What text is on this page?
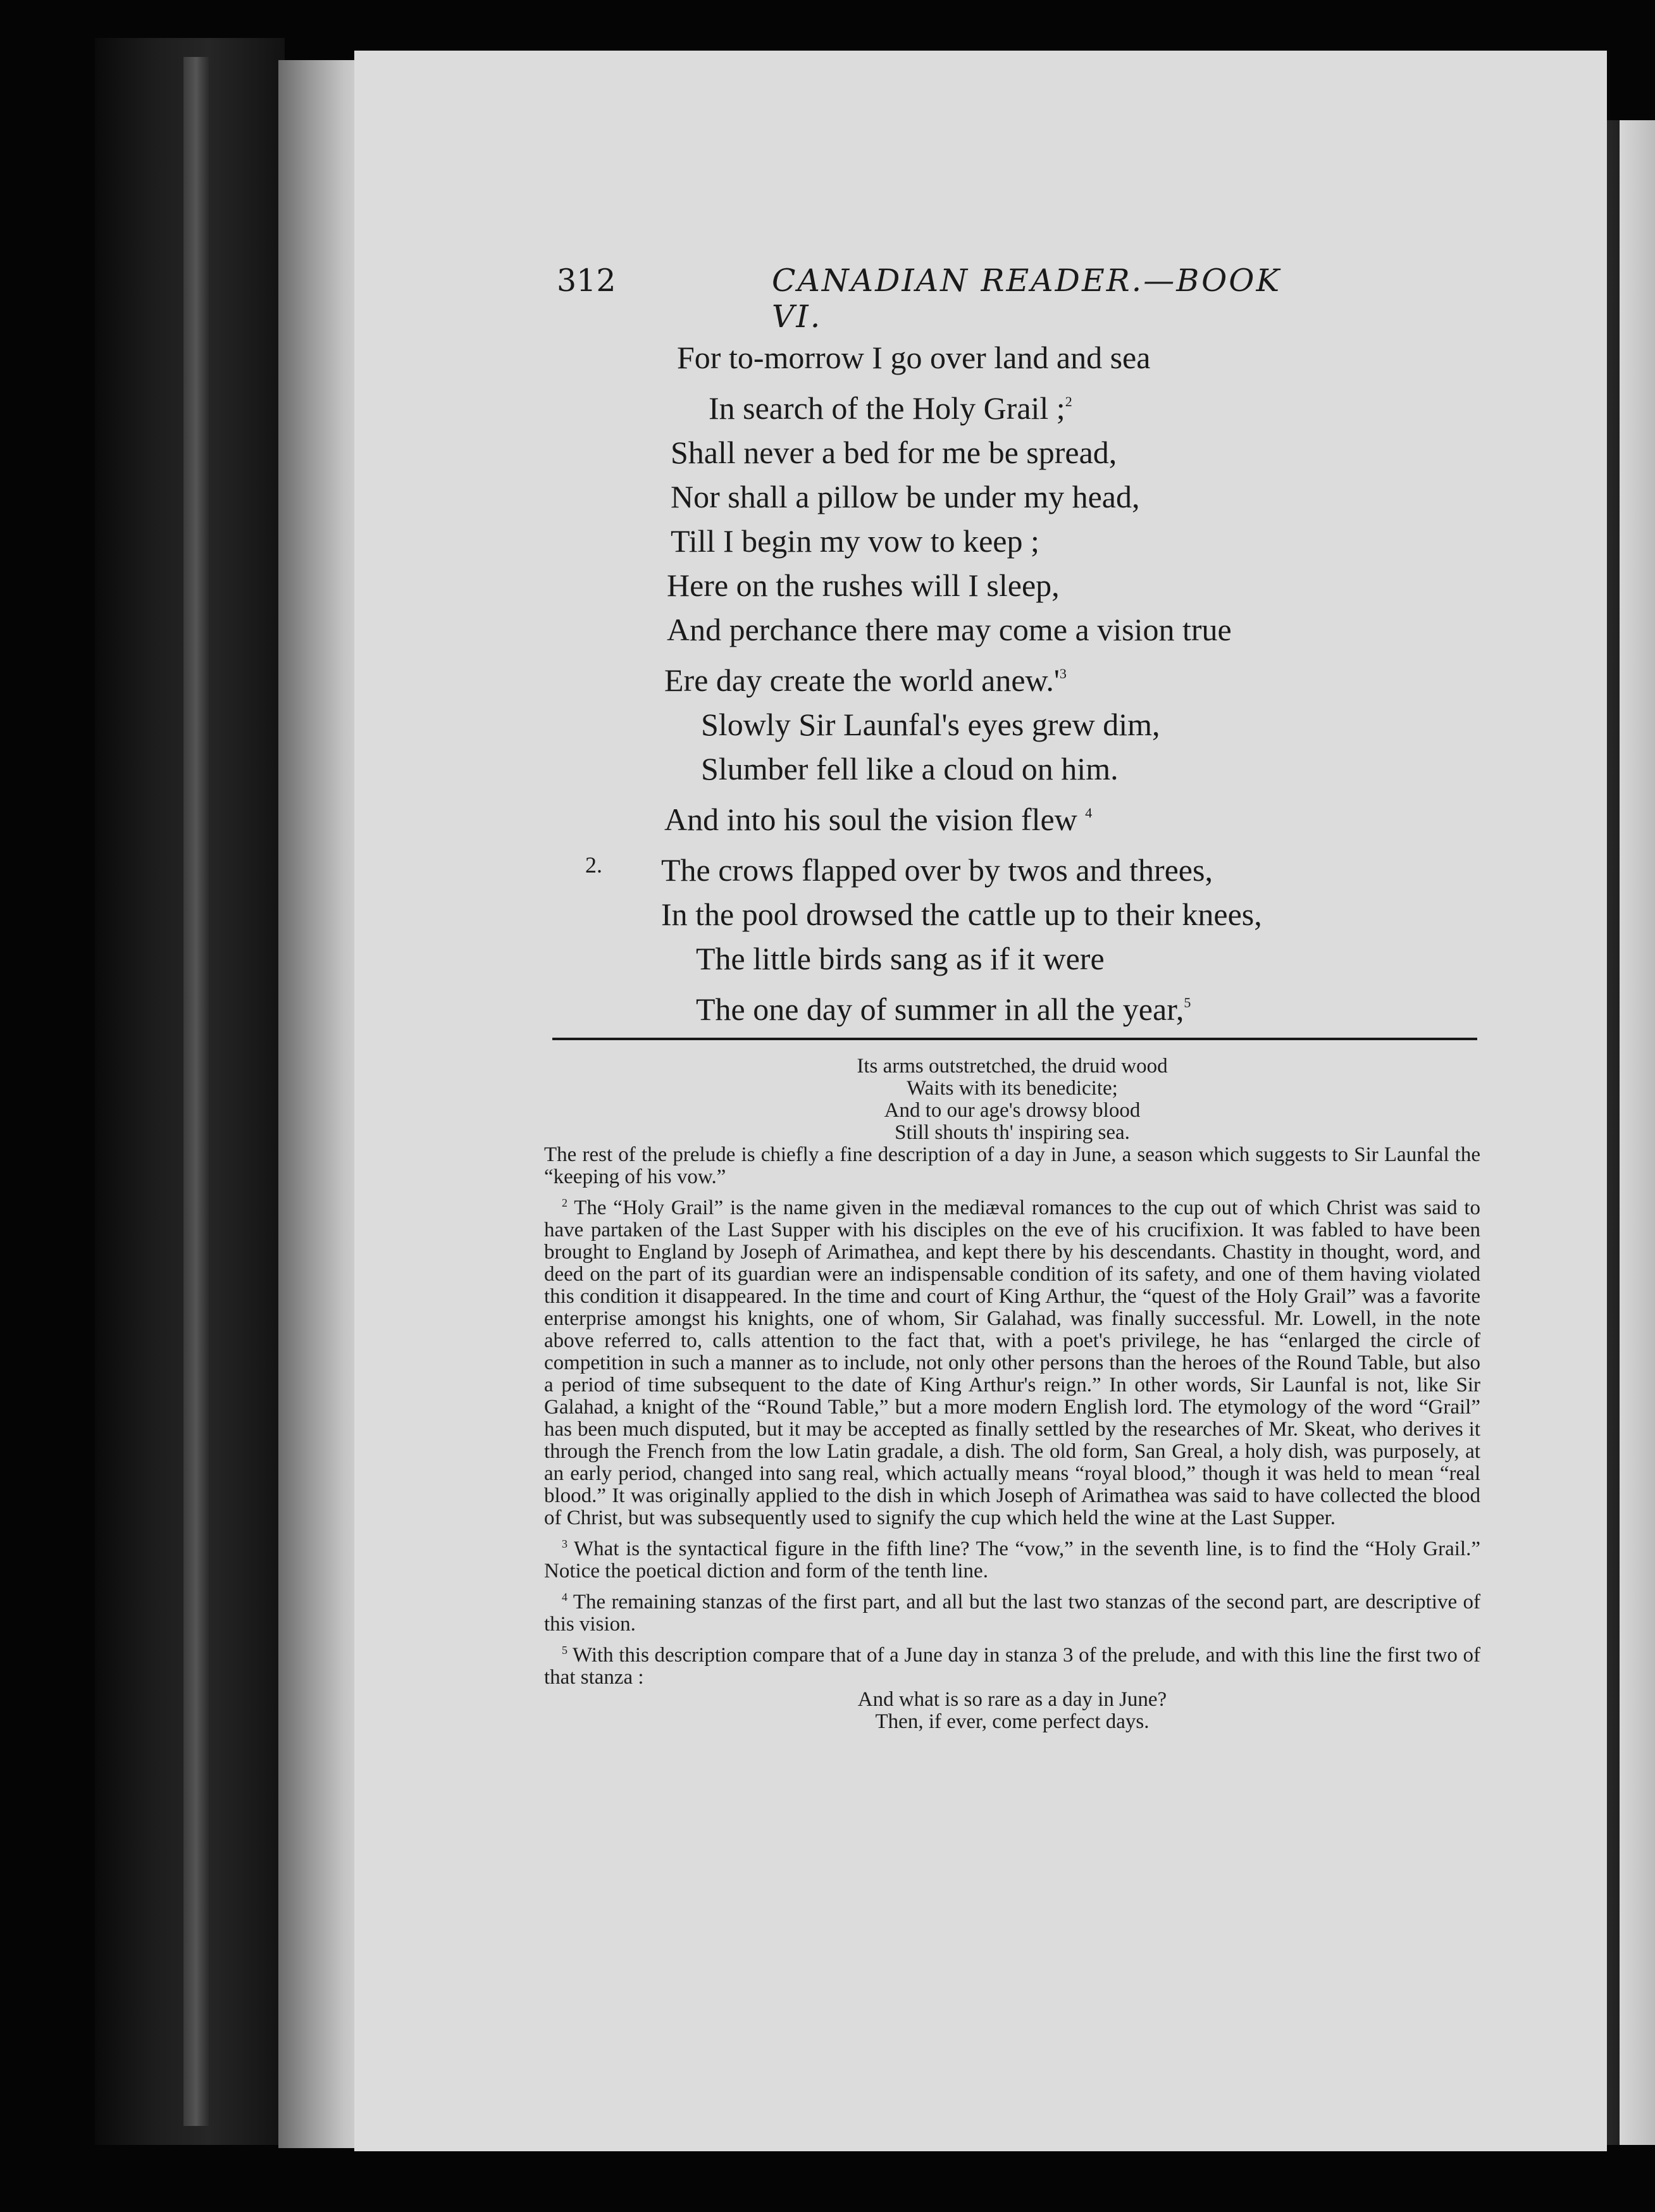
312	CANADIAN READER.—BOOK VI.
For to-morrow I go over land and sea
In search of the Holy Grail ;$^2$
Shall never a bed for me be spread,
Nor shall a pillow be under my head,
Till I begin my vow to keep ;
Here on the rushes will I sleep,
And perchance there may come a vision true
Ere day create the world $anew.'^3$
Slowly Sir Launfal's eyes grew dim,
Slumber fell like a cloud on him.
And into his soul the vision flew $^4$
2. The crows flapped over by twos and threes,
In the pool drowsed the cattle up to their knees,
The little birds sang as if it were
The one day of summer in all the year,$^5$

Its arms outstretched, the druid wood

Waits with its benedicite;

And to our age's drowsy blood

Still shouts th' inspiring sea.

The rest of the prelude is chiefly a fine description of a day in June, a season which suggests to Sir Launfal the “keeping of his vow.”

$^2$ The “Holy Grail” is the name given in the mediæval romances to the cup out of which Christ was said to have partaken of the Last Supper with his disciples on the eve of his crucifixion. It was fabled to have been brought to England by Joseph of Arimathea, and kept there by his descendants. Chastity in thought, word, and deed on the part of its guardian were an indispensable condition of its safety, and one of them having violated this condition it disappeared. In the time and court of King Arthur, the “quest of the Holy Grail” was a favorite enterprise amongst his knights, one of whom, Sir Galahad, was finally successful. Mr. Lowell, in the note above referred to, calls attention to the fact that, with a poet's privilege, he has “enlarged the circle of competition in such a manner as to include, not only other persons than the heroes of the Round Table, but also a period of time subsequent to the date of King Arthur's reign.” In other words, Sir Launfal is not, like Sir Galahad, a knight of the “Round Table,” but a more modern English lord. The etymology of the word “Grail” has been much disputed, but it may be accepted as finally settled by the researches of Mr. Skeat, who derives it through the French from the low Latin gradale, a dish. The old form, San Greal, a holy dish, was purposely, at an early period, changed into sang real, which actually means “royal blood,” though it was held to mean “real blood.” It was originally applied to the dish in which Joseph of Arimathea was said to have collected the blood of Christ, but was subsequently used to signify the cup which held the wine at the Last Supper.

$^3$ What is the syntactical figure in the fifth line? The “vow,” in the seventh line, is to find the “Holy Grail.” Notice the poetical diction and form of the tenth line.

$^4$ The remaining stanzas of the first part, and all but the last two stanzas of the second part, are descriptive of this vision.

$^5$ With this description compare that of a June day in stanza 3 of the prelude, and with this line the first two of that stanza :

And what is so rare as a day in June?

Then, if ever, come perfect days.
